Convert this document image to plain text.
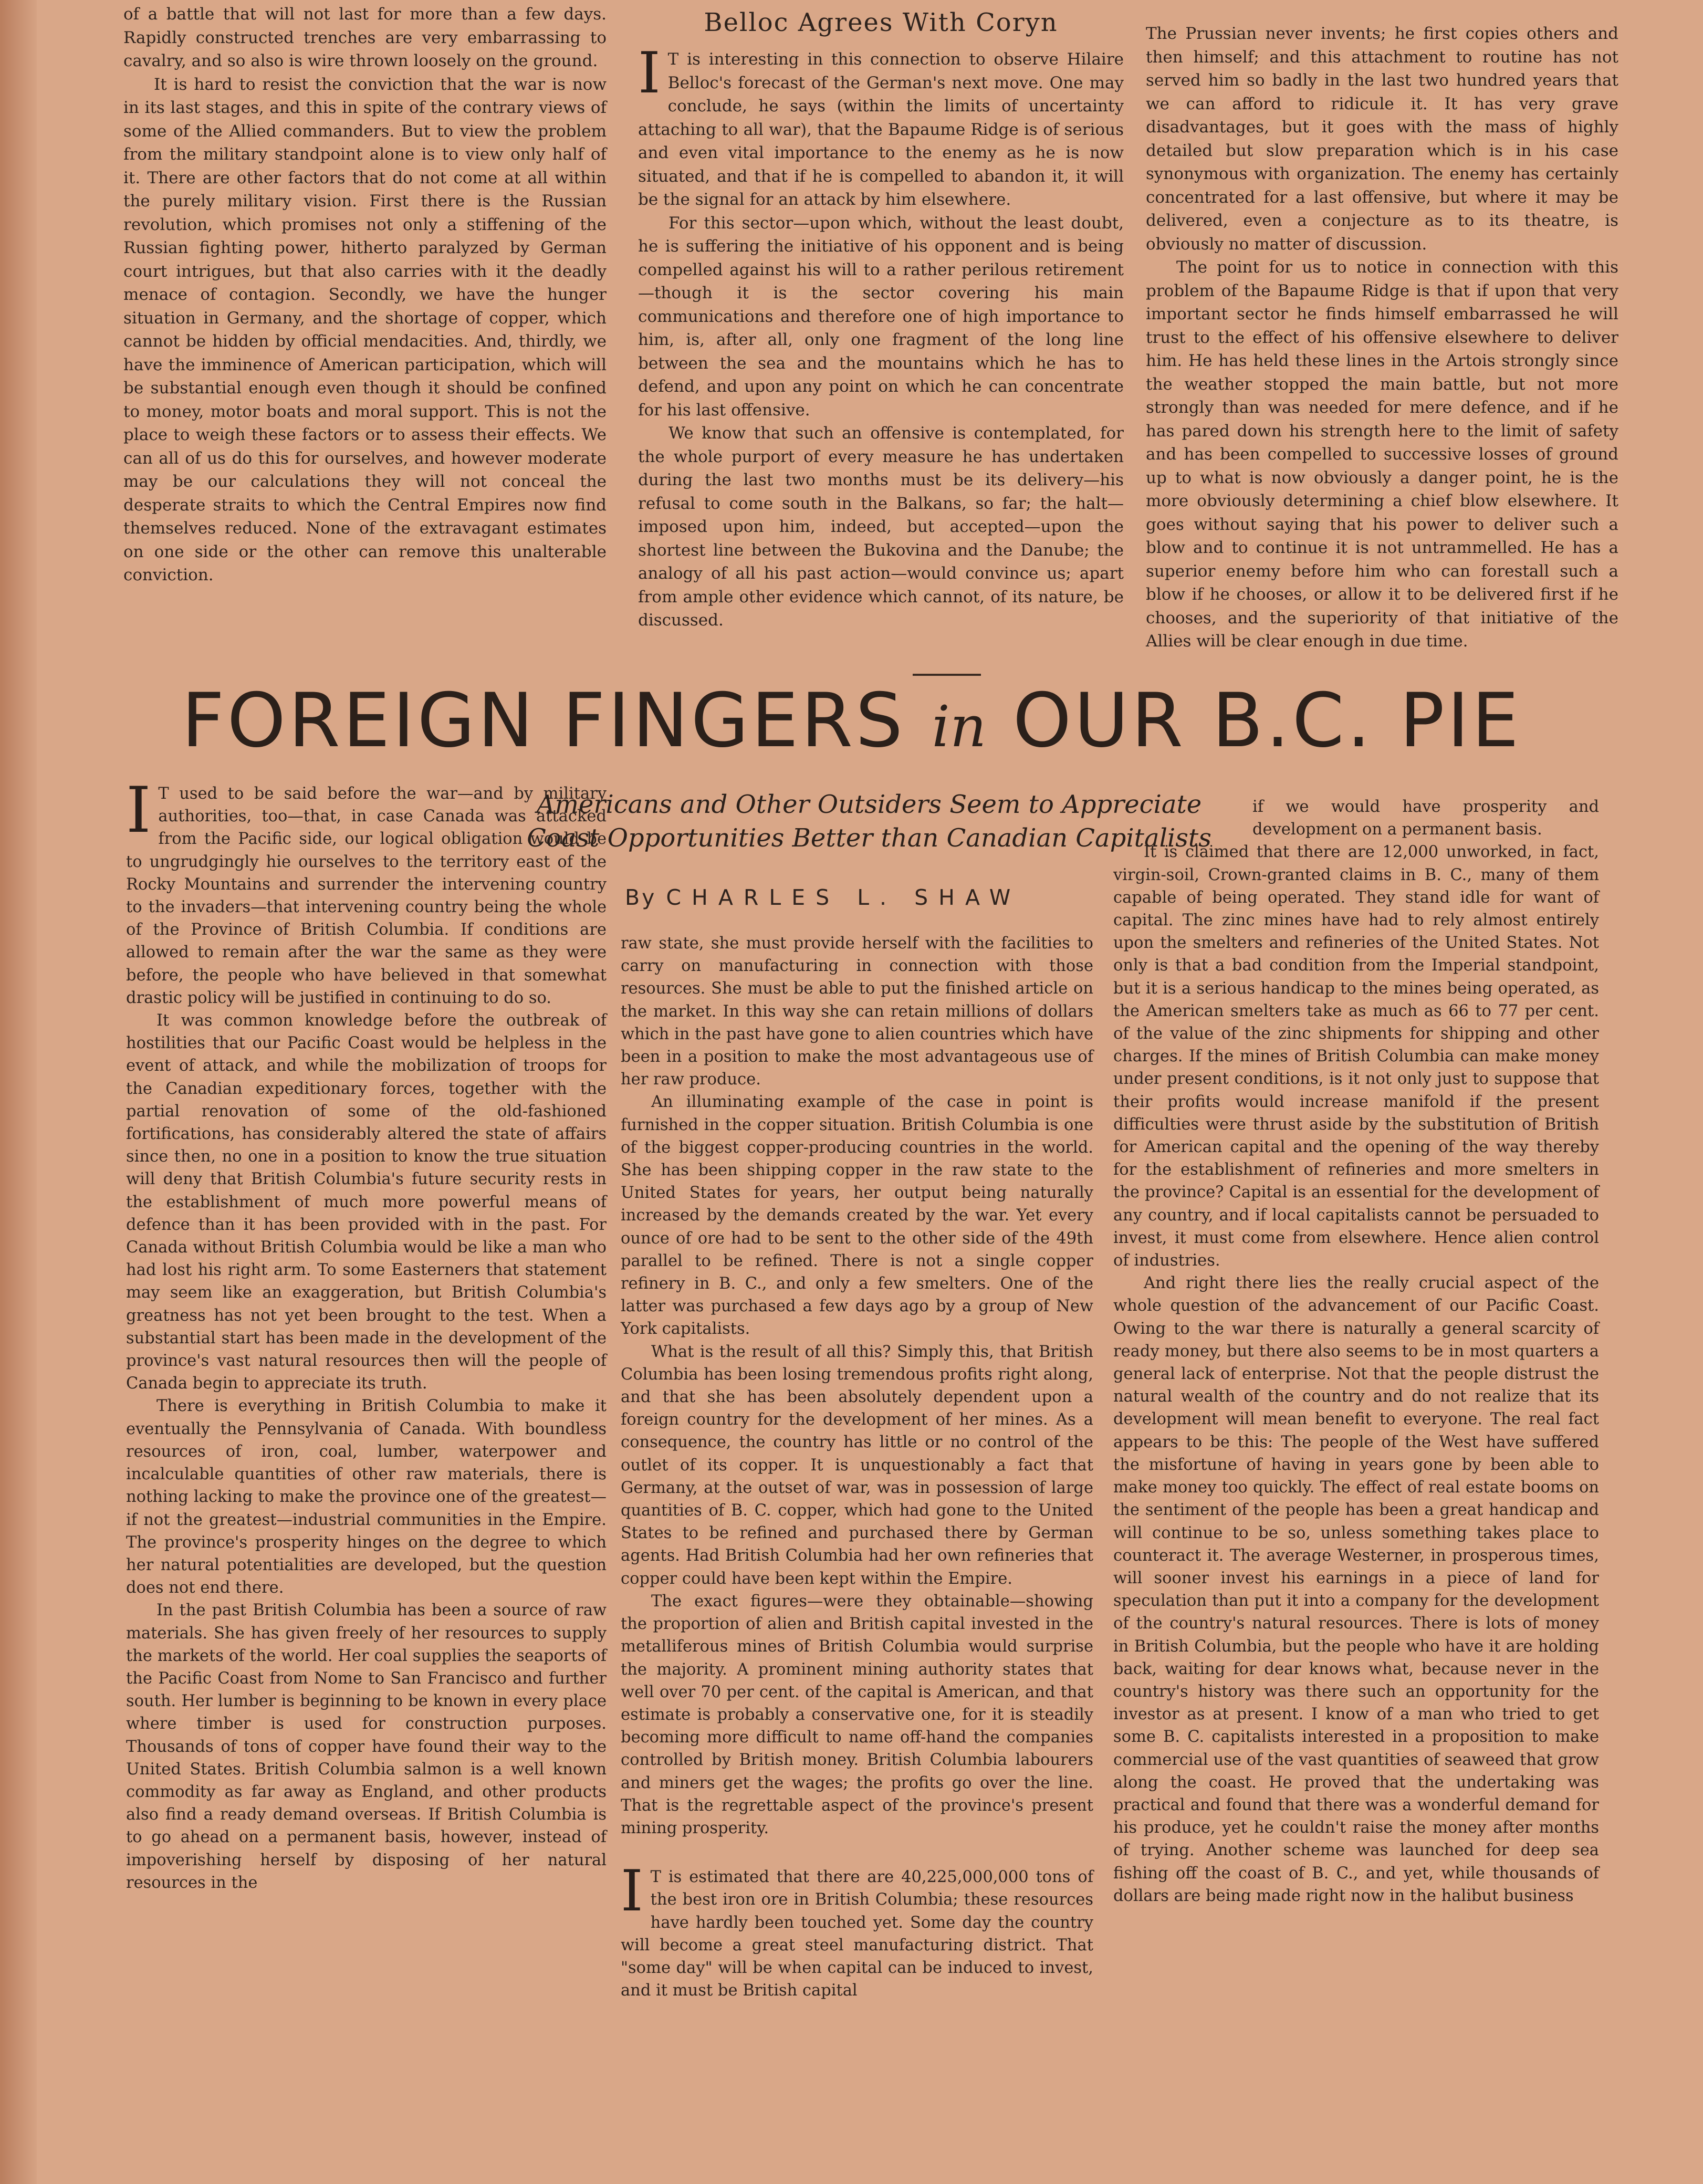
of a battle that will not last for more than a few days. Rapidly constructed trenches are very embarrassing to cavalry, and so also is wire thrown loosely on the ground.

It is hard to resist the conviction that the war is now in its last stages, and this in spite of the contrary views of some of the Allied commanders. But to view the problem from the military standpoint alone is to view only half of it. There are other factors that do not come at all within the purely military vision. First there is the Russian revolution, which promises not only a stiffening of the Russian fighting power, hitherto paralyzed by German court intrigues, but that also carries with it the deadly menace of contagion. Secondly, we have the hunger situation in Germany, and the shortage of copper, which cannot be hidden by official mendacities. And, thirdly, we have the imminence of American participation, which will be substantial enough even though it should be confined to money, motor boats and moral support. This is not the place to weigh these factors or to assess their effects. We can all of us do this for ourselves, and however moderate may be our calculations they will not conceal the desperate straits to which the Central Empires now find themselves reduced. None of the extravagant estimates on one side or the other can remove this unalterable conviction.

Belloc Agrees With Coryn

I T is interesting in this connection to observe Hilaire Belloc's forecast of the German's next move. One may conclude, he says (within the limits of uncertainty attaching to all war), that the Bapaume Ridge is of serious and even vital importance to the enemy as he is now situated, and that if he is compelled to abandon it, it will be the signal for an attack by him elsewhere.

For this sector—upon which, without the least doubt, he is suffering the initiative of his opponent and is being compelled against his will to a rather perilous retirement—though it is the sector covering his main communications and therefore one of high importance to him, is, after all, only one fragment of the long line between the sea and the mountains which he has to defend, and upon any point on which he can concentrate for his last offensive.

We know that such an offensive is contemplated, for the whole purport of every measure he has undertaken during the last two months must be its delivery—his refusal to come south in the Balkans, so far; the halt—imposed upon him, indeed, but accepted—upon the shortest line between the Bukovina and the Danube; the analogy of all his past action—would convince us; apart from ample other evidence which cannot, of its nature, be discussed.

The Prussian never invents; he first copies others and then himself; and this attachment to routine has not served him so badly in the last two hundred years that we can afford to ridicule it. It has very grave disadvantages, but it goes with the mass of highly detailed but slow preparation which is in his case synonymous with organization. The enemy has certainly concentrated for a last offensive, but where it may be delivered, even a conjecture as to its theatre, is obviously no matter of discussion.

The point for us to notice in connection with this problem of the Bapaume Ridge is that if upon that very important sector he finds himself embarrassed he will trust to the effect of his offensive elsewhere to deliver him. He has held these lines in the Artois strongly since the weather stopped the main battle, but not more strongly than was needed for mere defence, and if he has pared down his strength here to the limit of safety and has been compelled to successive losses of ground up to what is now obviously a danger point, he is the more obviously determining a chief blow elsewhere. It goes without saying that his power to deliver such a blow and to continue it is not untrammelled. He has a superior enemy before him who can forestall such a blow if he chooses, or allow it to be delivered first if he chooses, and the superiority of that initiative of the Allies will be clear enough in due time.

FOREIGN FINGERS in OUR B.C. PIE
Americans and Other Outsiders Seem to Appreciate
Coast Opportunities Better than Canadian Capitalists
By CHARLES L. SHAW

I T used to be said before the war—and by military authorities, too—that, in case Canada was attacked from the Pacific side, our logical obligation would be to ungrudgingly hie ourselves to the territory east of the Rocky Mountains and surrender the intervening country to the invaders—that intervening country being the whole of the Province of British Columbia. If conditions are allowed to remain after the war the same as they were before, the people who have believed in that somewhat drastic policy will be justified in continuing to do so.

It was common knowledge before the outbreak of hostilities that our Pacific Coast would be helpless in the event of attack, and while the mobilization of troops for the Canadian expeditionary forces, together with the partial renovation of some of the old-fashioned fortifications, has considerably altered the state of affairs since then, no one in a position to know the true situation will deny that British Columbia's future security rests in the establishment of much more powerful means of defence than it has been provided with in the past. For Canada without British Columbia would be like a man who had lost his right arm. To some Easterners that statement may seem like an exaggeration, but British Columbia's greatness has not yet been brought to the test. When a substantial start has been made in the development of the province's vast natural resources then will the people of Canada begin to appreciate its truth.

There is everything in British Columbia to make it eventually the Pennsylvania of Canada. With boundless resources of iron, coal, lumber, waterpower and incalculable quantities of other raw materials, there is nothing lacking to make the province one of the greatest—if not the greatest—industrial communities in the Empire. The province's prosperity hinges on the degree to which her natural potentialities are developed, but the question does not end there.

In the past British Columbia has been a source of raw materials. She has given freely of her resources to supply the markets of the world. Her coal supplies the seaports of the Pacific Coast from Nome to San Francisco and further south. Her lumber is beginning to be known in every place where timber is used for construction purposes. Thousands of tons of copper have found their way to the United States. British Columbia salmon is a well known commodity as far away as England, and other products also find a ready demand overseas. If British Columbia is to go ahead on a permanent basis, however, instead of impoverishing herself by disposing of her natural resources in the

raw state, she must provide herself with the facilities to carry on manufacturing in connection with those resources. She must be able to put the finished article on the market. In this way she can retain millions of dollars which in the past have gone to alien countries which have been in a position to make the most advantageous use of her raw produce.

An illuminating example of the case in point is furnished in the copper situation. British Columbia is one of the biggest copper-producing countries in the world. She has been shipping copper in the raw state to the United States for years, her output being naturally increased by the demands created by the war. Yet every ounce of ore had to be sent to the other side of the 49th parallel to be refined. There is not a single copper refinery in B. C., and only a few smelters. One of the latter was purchased a few days ago by a group of New York capitalists.

What is the result of all this? Simply this, that British Columbia has been losing tremendous profits right along, and that she has been absolutely dependent upon a foreign country for the development of her mines. As a consequence, the country has little or no control of the outlet of its copper. It is unquestionably a fact that Germany, at the outset of war, was in possession of large quantities of B. C. copper, which had gone to the United States to be refined and purchased there by German agents. Had British Columbia had her own refineries that copper could have been kept within the Empire.

The exact figures—were they obtainable—showing the proportion of alien and British capital invested in the metalliferous mines of British Columbia would surprise the majority. A prominent mining authority states that well over 70 per cent. of the capital is American, and that estimate is probably a conservative one, for it is steadily becoming more difficult to name off-hand the companies controlled by British money. British Columbia labourers and miners get the wages; the profits go over the line. That is the regrettable aspect of the province's present mining prosperity.

I T is estimated that there are 40,225,000,000 tons of the best iron ore in British Columbia; these resources have hardly been touched yet. Some day the country will become a great steel manufacturing district. That "some day" will be when capital can be induced to invest, and it must be British capital

if we would have prosperity and development on a permanent basis.

It is claimed that there are 12,000 unworked, in fact, virgin-soil, Crown-granted claims in B. C., many of them capable of being operated. They stand idle for want of capital. The zinc mines have had to rely almost entirely upon the smelters and refineries of the United States. Not only is that a bad condition from the Imperial standpoint, but it is a serious handicap to the mines being operated, as the American smelters take as much as 66 to 77 per cent. of the value of the zinc shipments for shipping and other charges. If the mines of British Columbia can make money under present conditions, is it not only just to suppose that their profits would increase manifold if the present difficulties were thrust aside by the substitution of British for American capital and the opening of the way thereby for the establishment of refineries and more smelters in the province? Capital is an essential for the development of any country, and if local capitalists cannot be persuaded to invest, it must come from elsewhere. Hence alien control of industries.

And right there lies the really crucial aspect of the whole question of the advancement of our Pacific Coast. Owing to the war there is naturally a general scarcity of ready money, but there also seems to be in most quarters a general lack of enterprise. Not that the people distrust the natural wealth of the country and do not realize that its development will mean benefit to everyone. The real fact appears to be this: The people of the West have suffered the misfortune of having in years gone by been able to make money too quickly. The effect of real estate booms on the sentiment of the people has been a great handicap and will continue to be so, unless something takes place to counteract it. The average Westerner, in prosperous times, will sooner invest his earnings in a piece of land for speculation than put it into a company for the development of the country's natural resources. There is lots of money in British Columbia, but the people who have it are holding back, waiting for dear knows what, because never in the country's history was there such an opportunity for the investor as at present. I know of a man who tried to get some B. C. capitalists interested in a proposition to make commercial use of the vast quantities of seaweed that grow along the coast. He proved that the undertaking was practical and found that there was a wonderful demand for his produce, yet he couldn't raise the money after months of trying. Another scheme was launched for deep sea fishing off the coast of B. C., and yet, while thousands of dollars are being made right now in the halibut business
